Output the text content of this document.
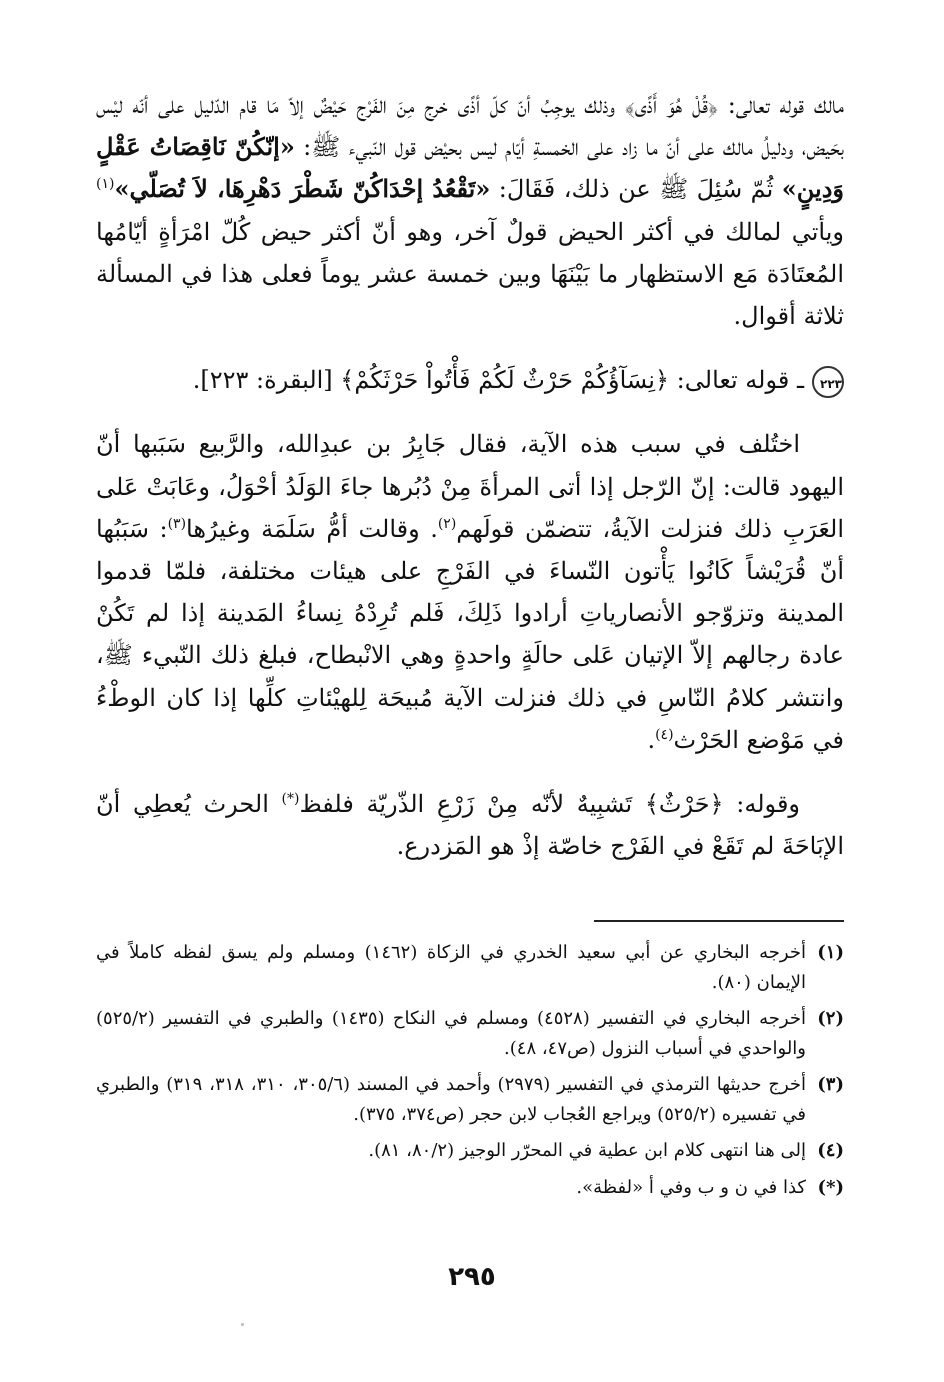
مالك قوله تعالى: ﴿قُلْ هُوَ أَذًى﴾ وذلك يوجِبُ أنّ كلّ أذًى خرج مِنَ الفَرْج حَيْضٌ إلاّ مَا قام الدّليل على أنّه ليْس بحَيض، ودليلُ مالك على أنّ ما زاد على الخمسةِ أيّام ليس بحيْض قول النّبيء ﷺ: «إنّكُنّ نَاقِصَاتُ عَقْلٍ وَدِينٍ» ثُمّ سُئِلَ ﷺ عن ذلك، فَقَالَ: «تَقْعُدُ إحْدَاكُنّ شَطْرَ دَهْرِهَا، لاَ تُصَلّي»$^{(١)}$ ويأتي لمالك في أكثر الحيض قولٌ آخر، وهو أنّ أكثر حيض كُلّ امْرَأةٍ أيّامُها المُعتَادَة مَع الاستظهار ما بَيْنَهَا وبين خمسة عشر يوماً فعلى هذا في المسألة ثلاثة أقوال.

٢٢٣ـ قوله تعالى: ﴿نِسَآؤُكُمْ حَرْثٌ لَكُمْ فَأْتُواْ حَرْثَكُمْ﴾ [البقرة: ٢٢٣].

اختُلف في سبب هذه الآية، فقال جَابِرُ بن عبدِالله، والرَّبيع سَبَبها أنّ اليهود قالت: إنّ الرّجل إذا أتى المرأةَ مِنْ دُبُرها جاءَ الوَلَدُ أحْوَلُ، وعَابَتْ عَلى العَرَبِ ذلك فنزلت الآيةُ، تتضمّن قولَهم$^{(٢)}$. وقالت أمُّ سَلَمَة وغيرُها$^{(٣)}$: سَبَبُها أنّ قُرَيْشاً كَانُوا يَأْتون النّساءَ في الفَرْجِ على هيئات مختلفة، فلمّا قدموا المدينة وتزوّجو الأنصارياتِ أرادوا ذَلِكَ، فَلم تُرِدْهُ نِساءُ المَدينة إذا لم تَكُنْ عادة رجالهم إلاّ الإتيان عَلى حالَةٍ واحدةٍ وهي الانْبطاح، فبلغ ذلك النّبيء ﷺ، وانتشر كلامُ النّاسِ في ذلك فنزلت الآية مُبيحَة لِلهيْئاتِ كلِّها إذا كان الوطْءُ في مَوْضع الحَرْث$^{(٤)}$.

وقوله: ﴿حَرْثٌ﴾ تَشبِيهٌ لأنّه مِنْ زَرْعِ الذّريّة فلفظ(*) الحرث يُعطِي أنّ الإبَاحَةَ لم تَقَعْ في الفَرْج خاصّة إذْ هو المَزدرع.

(١)
أخرجه البخاري عن أبي سعيد الخدري في الزكاة (١٤٦٢) ومسلم ولم يسق لفظه كاملاً في الإيمان (٨٠).
(٢)
أخرجه البخاري في التفسير (٤٥٢٨) ومسلم في النكاح (١٤٣٥) والطبري في التفسير (٥٢٥/٢) والواحدي في أسباب النزول (ص٤٧، ٤٨).
(٣)
أخرج حديثها الترمذي في التفسير (٢٩٧٩) وأحمد في المسند (٣٠٥/٦، ٣١٠، ٣١٨، ٣١٩) والطبري في تفسيره (٥٢٥/٢) ويراجع العُجاب لابن حجر (ص٣٧٤، ٣٧٥).
(٤)
إلى هنا انتهى كلام ابن عطية في المحرّر الوجيز (٨٠/٢، ٨١).
(*)
كذا في ن و ب وفي أ «لفظة».
٢٩٥
